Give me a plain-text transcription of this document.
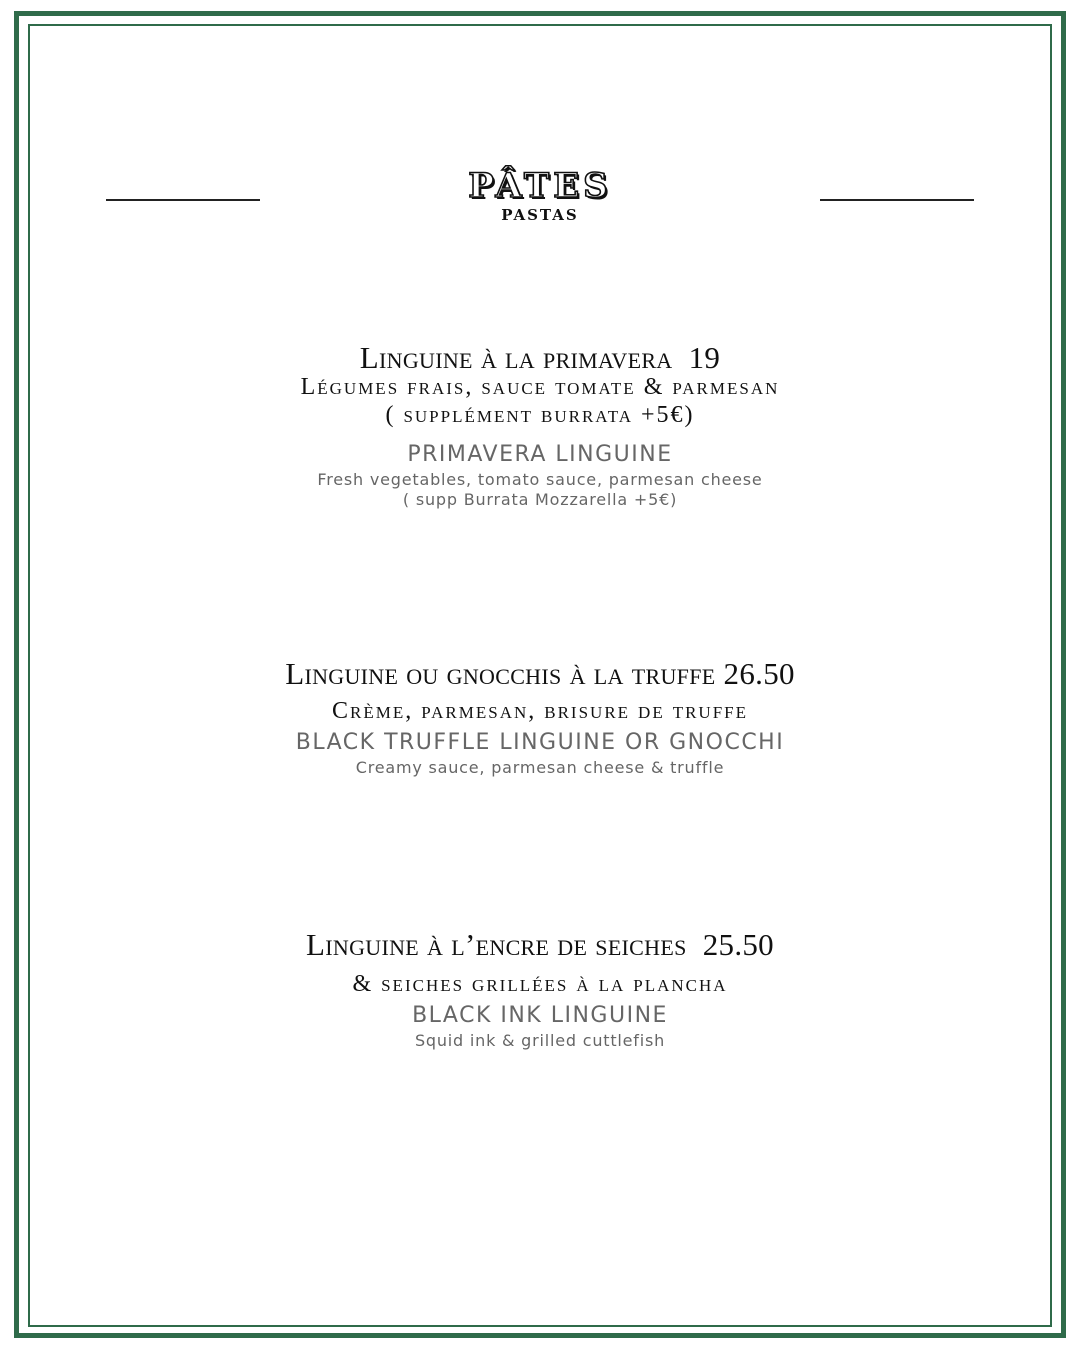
PÂTES
PASTAS

Linguine à la primavera  19

Légumes frais, sauce tomate & parmesan

( supplément burrata +5€)

PRIMAVERA LINGUINE

Fresh vegetables, tomato sauce, parmesan cheese

( supp Burrata Mozzarella +5€)

Linguine ou gnocchis à la truffe 26.50

Crème, parmesan, brisure de truffe

BLACK TRUFFLE LINGUINE OR GNOCCHI

Creamy sauce, parmesan cheese & truffle

Linguine à l’encre de seiches  25.50

& seiches grillées à la plancha

BLACK INK LINGUINE

Squid ink & grilled cuttlefish
